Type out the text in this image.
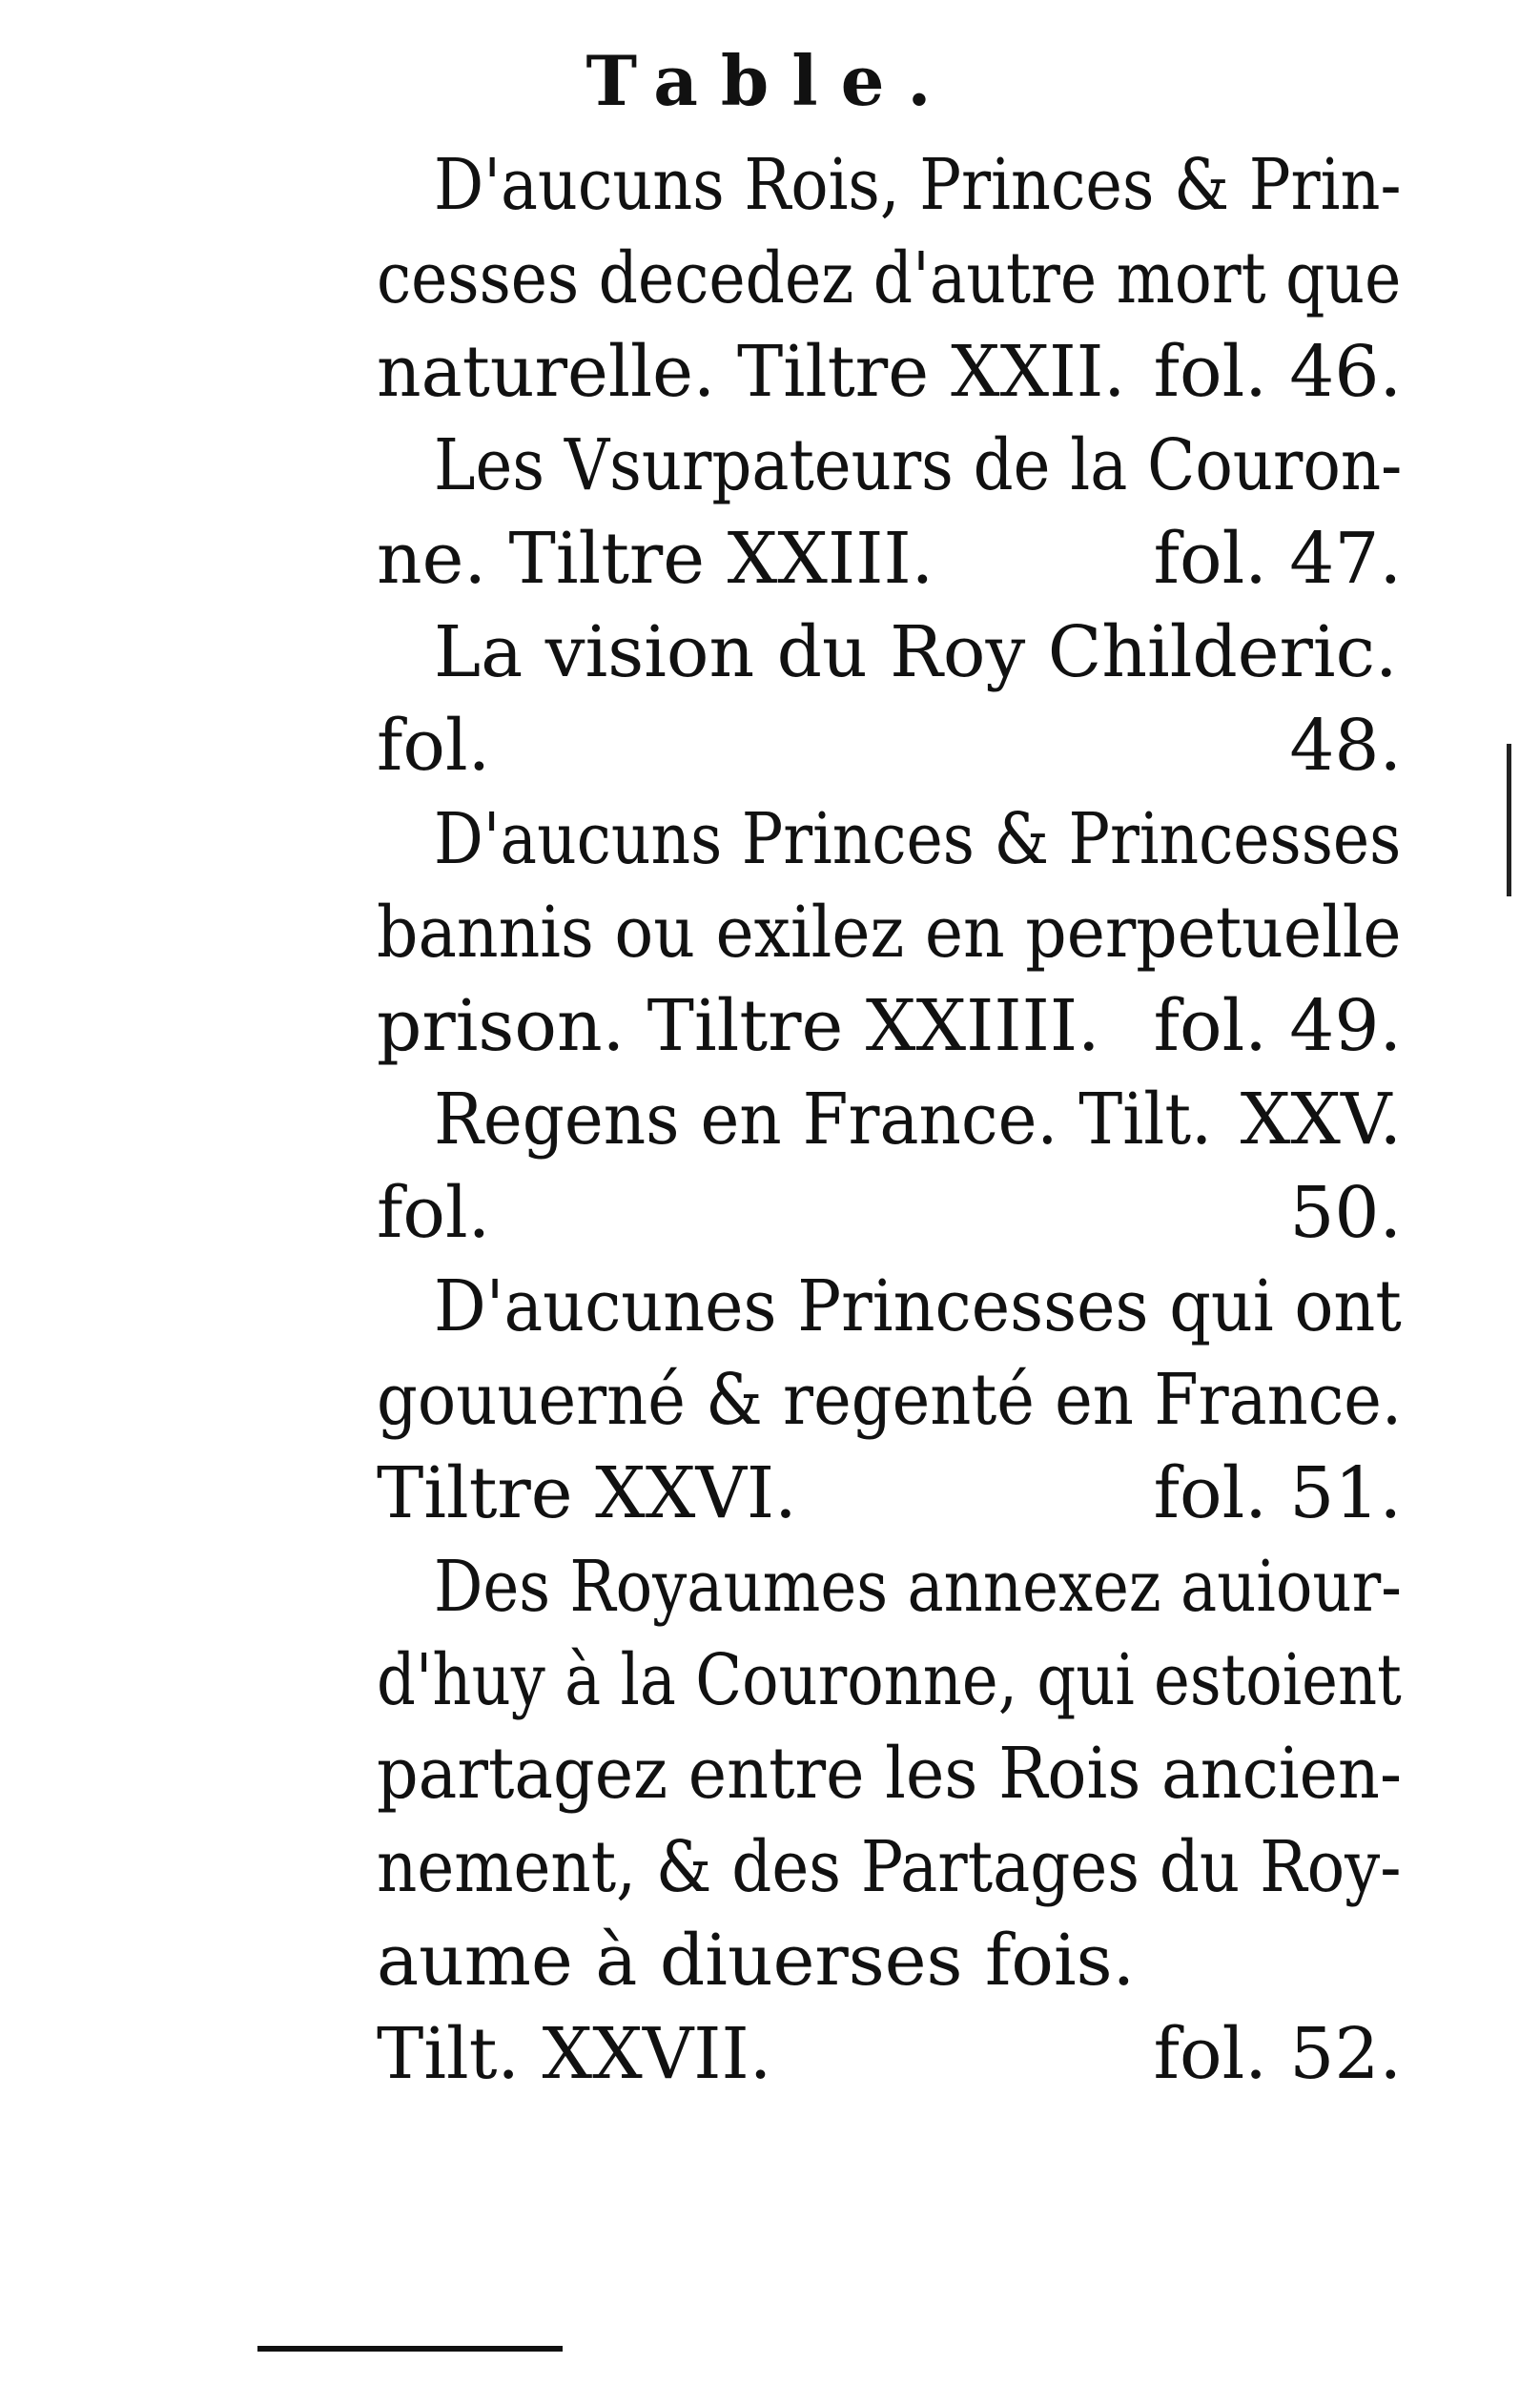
Table.
D'aucuns Rois, Princes & Prin-
cesses decedez d'autre mort que
naturelle. Tiltre XXII. fol. 46.
Les Vsurpateurs de la Couron-
ne. Tiltre XXIII.	fol. 47.
La vision du Roy Childeric.
fol.	48.
D'aucuns Princes & Princesses
bannis ou exilez en perpetuelle
prison. Tiltre XXIIII. fol. 49.
Regens en France. Tilt. XXV.
fol.	50.
D'aucunes Princesses qui ont
gouuerné & regenté en France.
Tiltre XXVI.	fol. 51.
Des Royaumes annexez auiour-
d'huy à la Couronne, qui estoient
partagez entre les Rois ancien-
nement, & des Partages du Roy-
aume à diuerses fois.
Tilt. XXVII.	fol. 52.
